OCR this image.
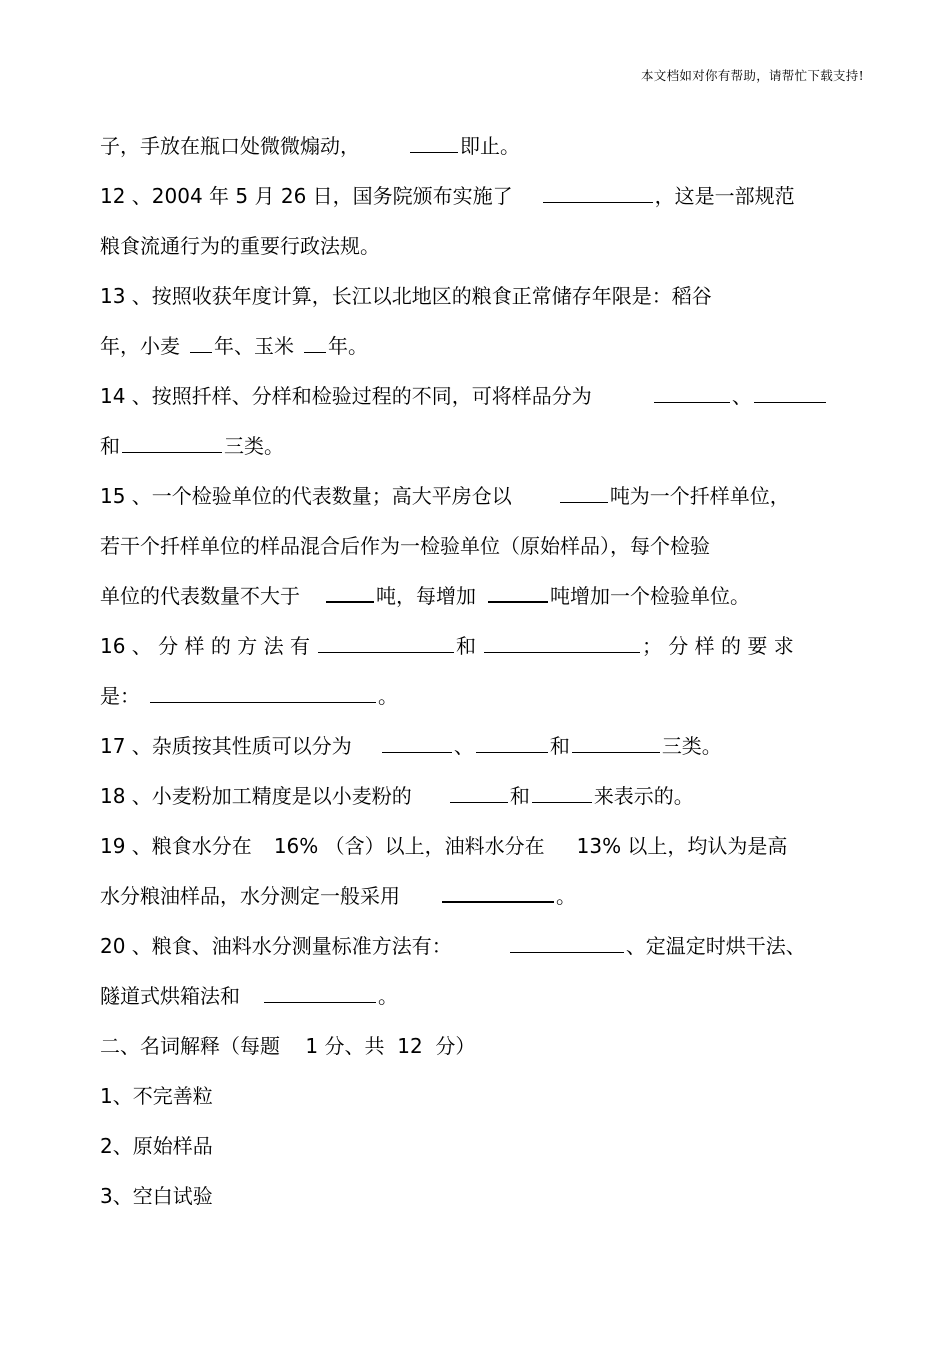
本文档如对你有帮助，请帮忙下载支持!
子，手放在瓶口处微微煽动，	即止。
12 、2004 年 5 月 26 日，国务院颁布实施了	，这是一部规范
粮食流通行为的重要行政法规。
13 、按照收获年度计算，长江以北地区的粮食正常储存年限是：稻谷
年，小麦 年、玉米 年。
14 、按照扦样、分样和检验过程的不同，可将样品分为	、
和	三类。
15 、一个检验单位的代表数量；高大平房仓以	吨为一个扦样单位，
若干个扦样单位的样品混合后作为一检验单位（原始样品），每个检验
单位的代表数量不大于	吨，每增加	吨增加一个检验单位。
16 、 分 样 的 方 法 有	和	； 分 样 的 要 求
是：	。
17 、杂质按其性质可以分为	、	和	三类。
18 、小麦粉加工精度是以小麦粉的	和	来表示的。
19 、粮食水分在 16% （含）以上，油料水分在 13% 以上，均认为是高
水分粮油样品，水分测定一般采用	。
20 、粮食、油料水分测量标准方法有：	、定温定时烘干法、
隧道式烘箱法和	。
二、名词解释（每题    1 分、共  12  分）
1、不完善粒
2、原始样品
3、空白试验
